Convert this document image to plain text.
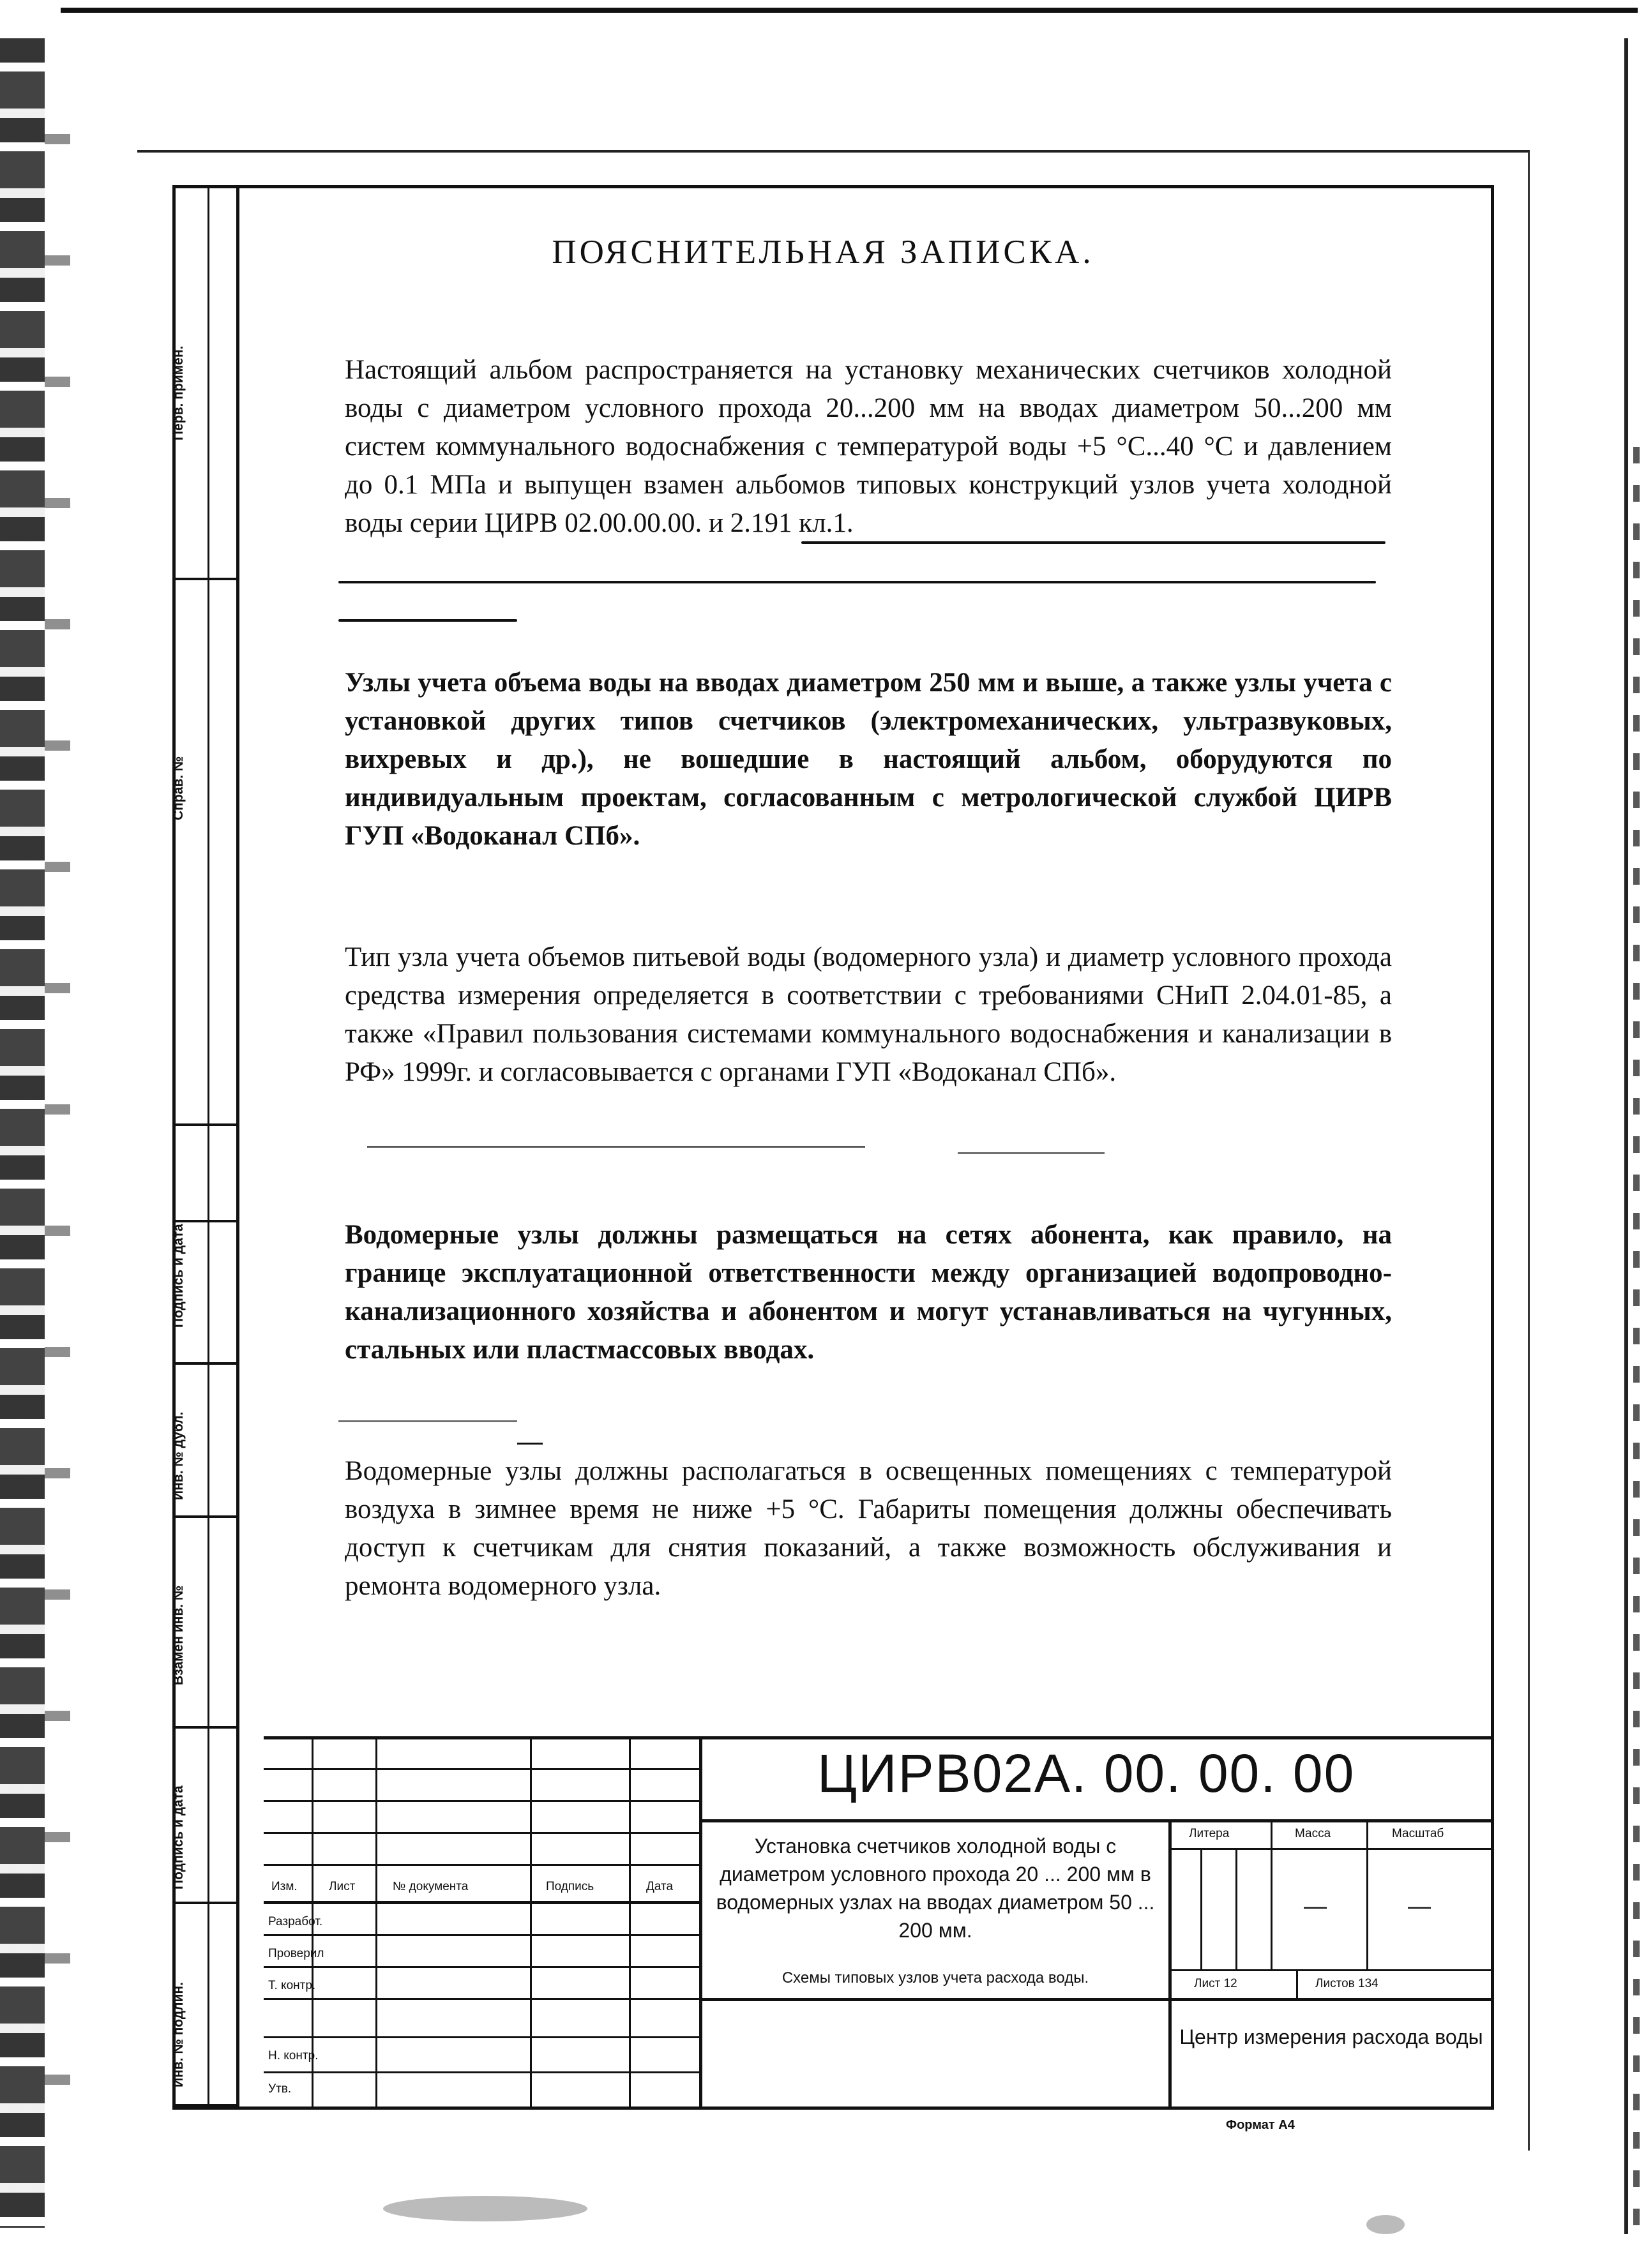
Перв. примен.
Справ. №
Подпись и дата
Инв. № дубл.
Взамен инв. №
Подпись и дата
Инв. № подлин.
ПОЯСНИТЕЛЬНАЯ ЗАПИСКА.
Настоящий альбом распространяется на установку механических счетчиков холодной воды с диаметром условного прохода 20...200 мм на вводах диаметром 50...200 мм систем коммунального водоснабжения с температурой воды +5 °C...40 °C и давлением до 0.1 МПа и выпущен взамен альбомов типовых конструкций узлов учета холодной воды серии ЦИРВ 02.00.00.00. и 2.191 кл.1.
Узлы учета объема воды на вводах диаметром 250 мм и выше, а также узлы учета с установкой других типов счетчиков (электромеханических, ультразвуковых, вихревых и др.), не вошедшие в настоящий альбом, оборудуются по индивидуальным проектам, согласованным с метрологической службой ЦИРВ ГУП «Водоканал СПб».
Тип узла учета объемов питьевой воды (водомерного узла) и диаметр условного прохода средства измерения определяется в соответствии с требованиями СНиП 2.04.01-85, а также «Правил пользования системами коммунального водоснабжения и канализации в РФ» 1999г. и согласовывается с органами ГУП «Водоканал СПб».
Водомерные узлы должны размещаться на сетях абонента, как правило, на границе эксплуатационной ответственности между организацией водопроводно-канализационного хозяйства и абонентом и могут устанавливаться на чугунных, стальных или пластмассовых вводах.
Водомерные узлы должны располагаться в освещенных помещениях с температурой воздуха в зимнее время не ниже +5 °C. Габариты помещения должны обеспечивать доступ к счетчикам для снятия показаний, а также возможность обслуживания и ремонта водомерного узла.
Изм.	Лист	№ документа	Подпись	Дата
Разработ.
Проверил
Т. контр.
Н. контр.
Утв.
ЦИРВ02А. 00. 00. 00
Установка счетчиков холодной воды с диаметром условного прохода 20 ... 200 мм в водомерных узлах на вводах диаметром 50 ... 200 мм.
Схемы типовых узлов учета расхода воды.
Литера	Масса	Масштаб
—	—
Лист 12	Листов 134
Центр измерения расхода воды
Формат А4
